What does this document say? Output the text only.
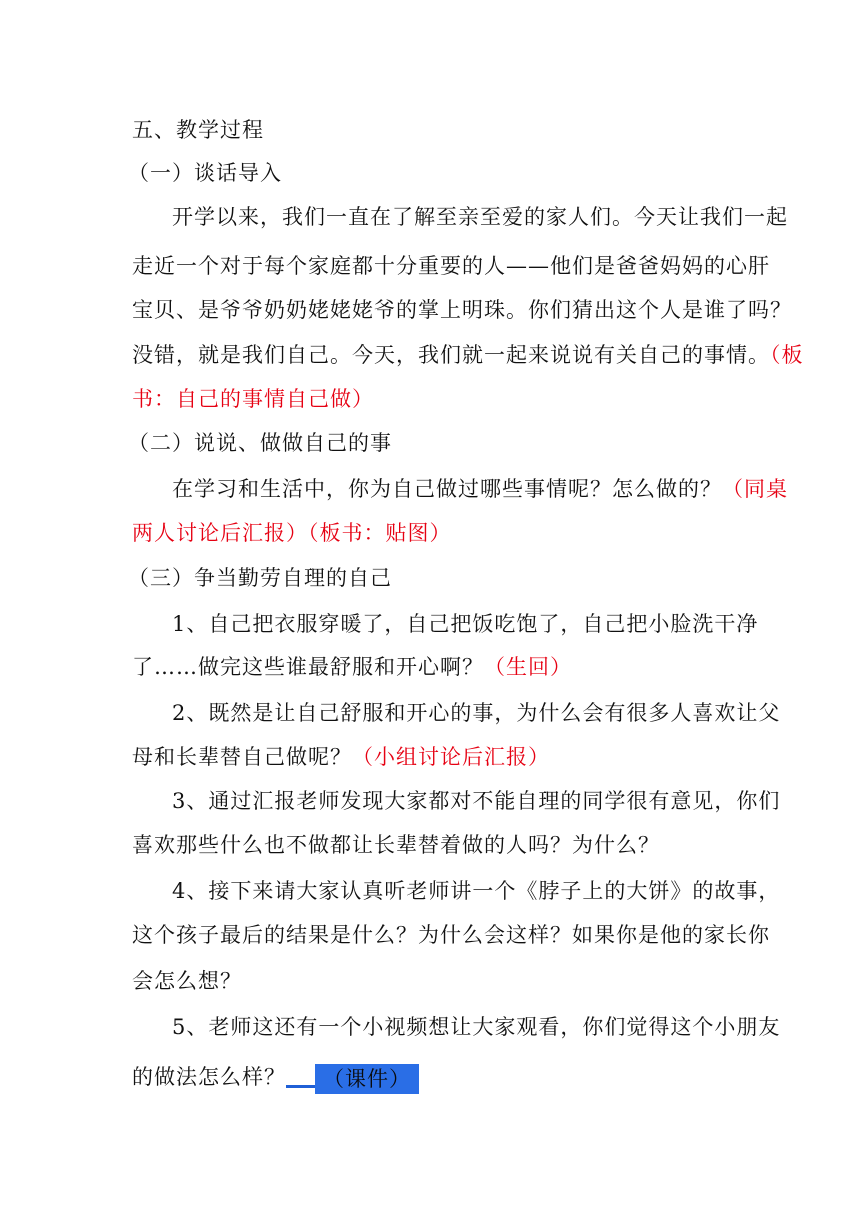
五、教学过程
（一）谈话导入
开学以来，我们一直在了解至亲至爱的家人们。今天让我们一起
走近一个对于每个家庭都十分重要的人——他们是爸爸妈妈的心肝
宝贝、是爷爷奶奶姥姥姥爷的掌上明珠。你们猜出这个人是谁了吗？
没错，就是我们自己。今天，我们就一起来说说有关自己的事情。（板
书：自己的事情自己做）
（二）说说、做做自己的事
在学习和生活中，你为自己做过哪些事情呢？怎么做的？（同桌
两人讨论后汇报）（板书：贴图）
（三）争当勤劳自理的自己
1、自己把衣服穿暖了，自己把饭吃饱了，自己把小脸洗干净
了……做完这些谁最舒服和开心啊？（生回）
2、既然是让自己舒服和开心的事，为什么会有很多人喜欢让父
母和长辈替自己做呢？（小组讨论后汇报）
3、通过汇报老师发现大家都对不能自理的同学很有意见，你们
喜欢那些什么也不做都让长辈替着做的人吗？为什么？
4、接下来请大家认真听老师讲一个《脖子上的大饼》的故事，
这个孩子最后的结果是什么？为什么会这样？如果你是他的家长你
会怎么想？
5、老师这还有一个小视频想让大家观看，你们觉得这个小朋友
的做法怎么样？ （课件）
